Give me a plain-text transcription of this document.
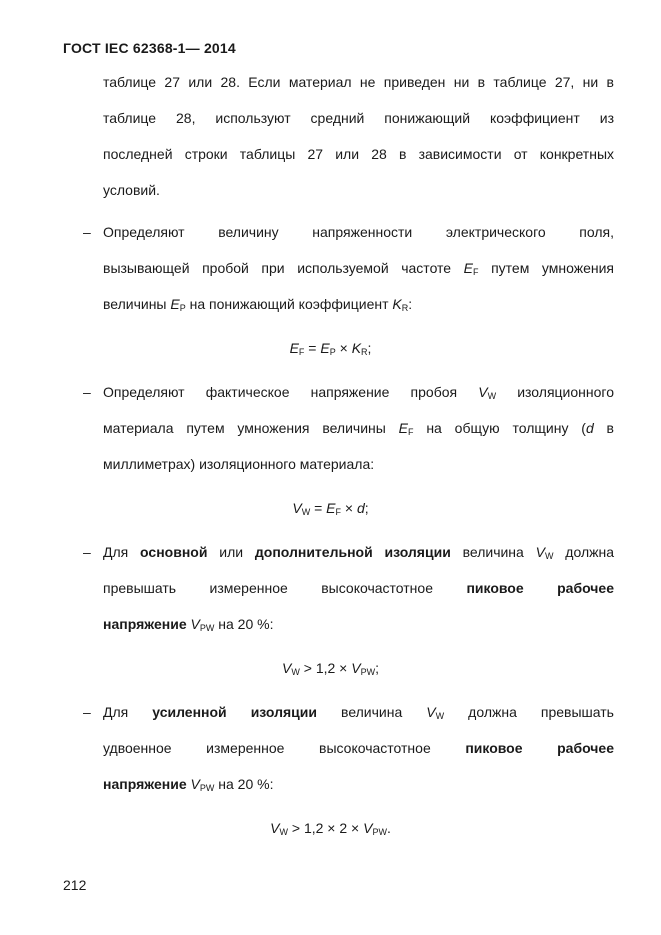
ГОСТ IEC 62368-1— 2014
таблице 27 или 28. Если материал не приведен ни в таблице 27, ни в
таблице 28, используют средний понижающий коэффициент из
последней строки таблицы 27 или 28 в зависимости от конкретных
условий.
– Определяют величину напряженности электрического поля,
вызывающей пробой при используемой частоте $E_F$ путем умножения
величины $E_P$ на понижающий коэффициент $K_R$:
$E_F = E_P \times K_R$;
– Определяют фактическое напряжение пробоя $V_W$ изоляционного
материала путем умножения величины $E_F$ на общую толщину (d в
миллиметрах) изоляционного материала:
$V_W = E_F \times d$;
– Для основной или дополнительной изоляции величина $V_W$ должна
превышать измеренное высокочастотное пиковое рабочее
напряжение $V_{PW}$ на 20 %:
$V_W > 1,2 \times V_{PW}$;
– Для усиленной изоляции величина $V_W$ должна превышать
удвоенное измеренное высокочастотное пиковое рабочее
напряжение $V_{PW}$ на 20 %:
$V_W > 1,2 \times 2 \times V_{PW}$.
212
